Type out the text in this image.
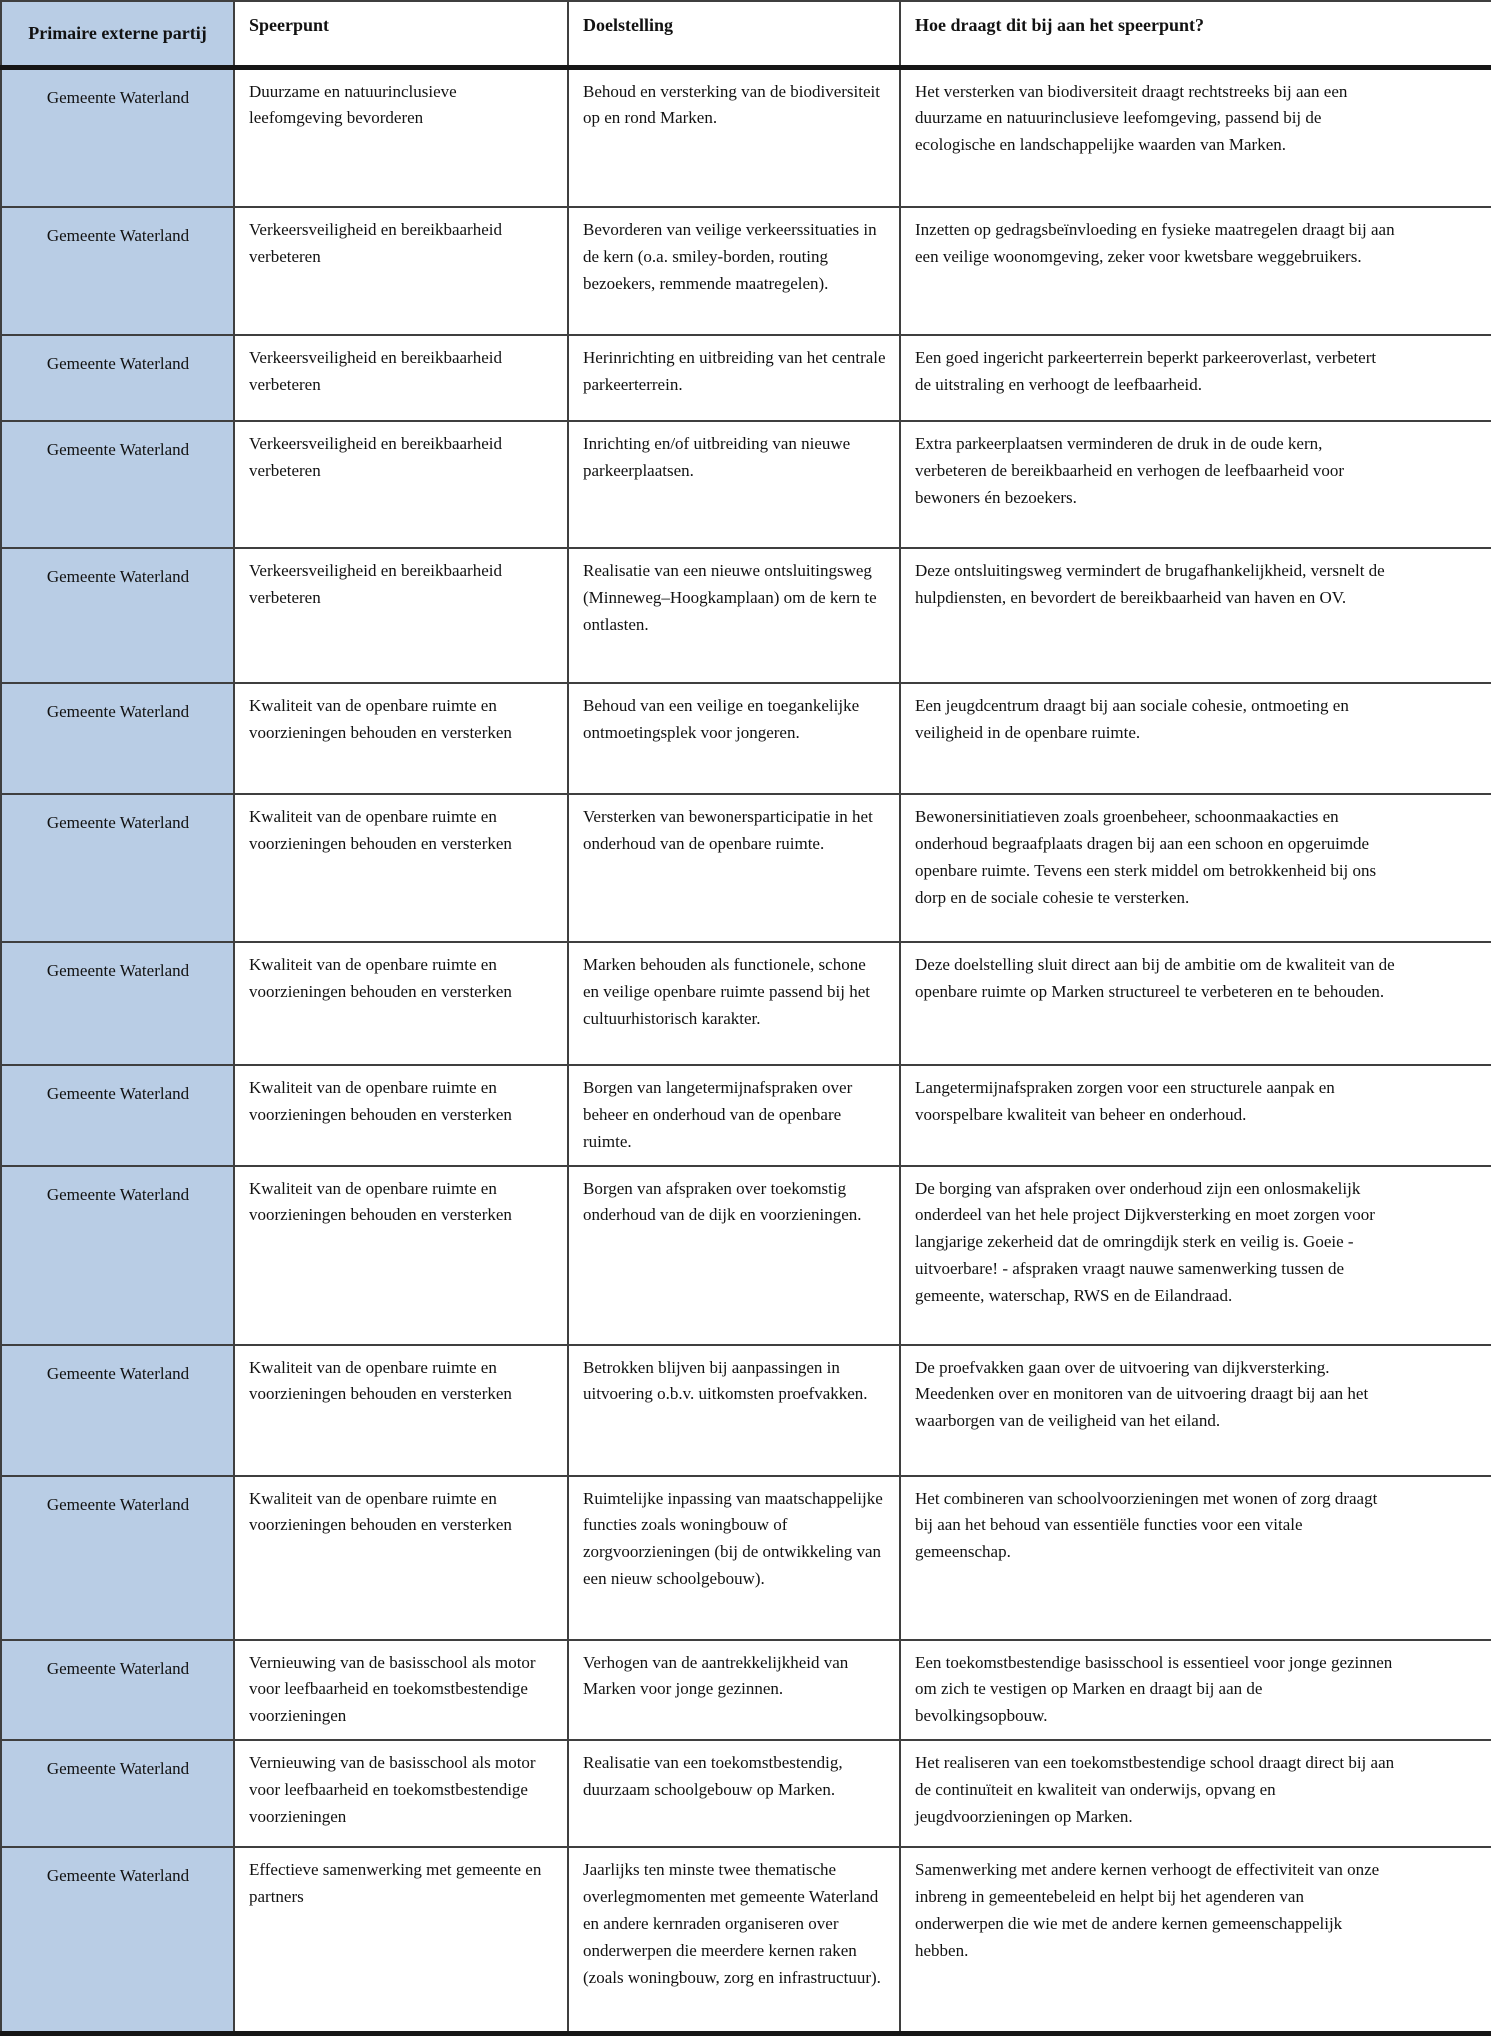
Primaire externe partij	Speerpunt	Doelstelling	Hoe draagt dit bij aan het speerpunt?

Gemeente Waterland	Duurzame en natuurinclusieve leefomgeving bevorderen	Behoud en versterking van de biodiversiteit op en rond Marken.	Het versterken van biodiversiteit draagt rechtstreeks bij aan een duurzame en natuurinclusieve leefomgeving, passend bij de ecologische en landschappelijke waarden van Marken.

Gemeente Waterland	Verkeersveiligheid en bereikbaarheid verbeteren	Bevorderen van veilige verkeerssituaties in de kern (o.a. smiley-borden, routing bezoekers, remmende maatregelen).	Inzetten op gedragsbeïnvloeding en fysieke maatregelen draagt bij aan een veilige woonomgeving, zeker voor kwetsbare weggebruikers.

Gemeente Waterland	Verkeersveiligheid en bereikbaarheid verbeteren	Herinrichting en uitbreiding van het centrale parkeerterrein.	Een goed ingericht parkeerterrein beperkt parkeeroverlast, verbetert de uitstraling en verhoogt de leefbaarheid.

Gemeente Waterland	Verkeersveiligheid en bereikbaarheid verbeteren	Inrichting en/of uitbreiding van nieuwe parkeerplaatsen.	Extra parkeerplaatsen verminderen de druk in de oude kern, verbeteren de bereikbaarheid en verhogen de leefbaarheid voor bewoners én bezoekers.

Gemeente Waterland	Verkeersveiligheid en bereikbaarheid verbeteren	Realisatie van een nieuwe ontsluitingsweg (Minneweg–Hoogkamplaan) om de kern te ontlasten.	Deze ontsluitingsweg vermindert de brugafhankelijkheid, versnelt de hulpdiensten, en bevordert de bereikbaarheid van haven en OV.

Gemeente Waterland	Kwaliteit van de openbare ruimte en voorzieningen behouden en versterken	Behoud van een veilige en toegankelijke ontmoetingsplek voor jongeren.	Een jeugdcentrum draagt bij aan sociale cohesie, ontmoeting en veiligheid in de openbare ruimte.

Gemeente Waterland	Kwaliteit van de openbare ruimte en voorzieningen behouden en versterken	Versterken van bewonersparticipatie in het onderhoud van de openbare ruimte.	Bewonersinitiatieven zoals groenbeheer, schoonmaakacties en onderhoud begraafplaats dragen bij aan een schoon en opgeruimde openbare ruimte. Tevens een sterk middel om betrokkenheid bij ons dorp en de sociale cohesie te versterken.

Gemeente Waterland	Kwaliteit van de openbare ruimte en voorzieningen behouden en versterken	Marken behouden als functionele, schone en veilige openbare ruimte passend bij het cultuurhistorisch karakter.	Deze doelstelling sluit direct aan bij de ambitie om de kwaliteit van de openbare ruimte op Marken structureel te verbeteren en te behouden.

Gemeente Waterland	Kwaliteit van de openbare ruimte en voorzieningen behouden en versterken	Borgen van langetermijnafspraken over beheer en onderhoud van de openbare ruimte.	Langetermijnafspraken zorgen voor een structurele aanpak en voorspelbare kwaliteit van beheer en onderhoud.

Gemeente Waterland	Kwaliteit van de openbare ruimte en voorzieningen behouden en versterken	Borgen van afspraken over toekomstig onderhoud van de dijk en voorzieningen.	De borging van afspraken over onderhoud zijn een onlosmakelijk onderdeel van het hele project Dijkversterking en moet zorgen voor langjarige zekerheid dat de omringdijk sterk en veilig is. Goeie - uitvoerbare! - afspraken vraagt nauwe samenwerking tussen de gemeente, waterschap, RWS en de Eilandraad.

Gemeente Waterland	Kwaliteit van de openbare ruimte en voorzieningen behouden en versterken	Betrokken blijven bij aanpassingen in uitvoering o.b.v. uitkomsten proefvakken.	De proefvakken gaan over de uitvoering van dijkversterking. Meedenken over en monitoren van de uitvoering draagt bij aan het waarborgen van de veiligheid van het eiland.

Gemeente Waterland	Kwaliteit van de openbare ruimte en voorzieningen behouden en versterken	Ruimtelijke inpassing van maatschappelijke functies zoals woningbouw of zorgvoorzieningen (bij de ontwikkeling van een nieuw schoolgebouw).	Het combineren van schoolvoorzieningen met wonen of zorg draagt bij aan het behoud van essentiële functies voor een vitale gemeenschap.

Gemeente Waterland	Vernieuwing van de basisschool als motor voor leefbaarheid en toekomstbestendige voorzieningen	Verhogen van de aantrekkelijkheid van Marken voor jonge gezinnen.	Een toekomstbestendige basisschool is essentieel voor jonge gezinnen om zich te vestigen op Marken en draagt bij aan de bevolkingsopbouw.

Gemeente Waterland	Vernieuwing van de basisschool als motor voor leefbaarheid en toekomstbestendige voorzieningen	Realisatie van een toekomstbestendig, duurzaam schoolgebouw op Marken.	Het realiseren van een toekomstbestendige school draagt direct bij aan de continuïteit en kwaliteit van onderwijs, opvang en jeugdvoorzieningen op Marken.

Gemeente Waterland	Effectieve samenwerking met gemeente en partners	Jaarlijks ten minste twee thematische overlegmomenten met gemeente Waterland en andere kernraden organiseren over onderwerpen die meerdere kernen raken (zoals woningbouw, zorg en infrastructuur).	Samenwerking met andere kernen verhoogt de effectiviteit van onze inbreng in gemeentebeleid en helpt bij het agenderen van onderwerpen die wie met de andere kernen gemeenschappelijk hebben.
